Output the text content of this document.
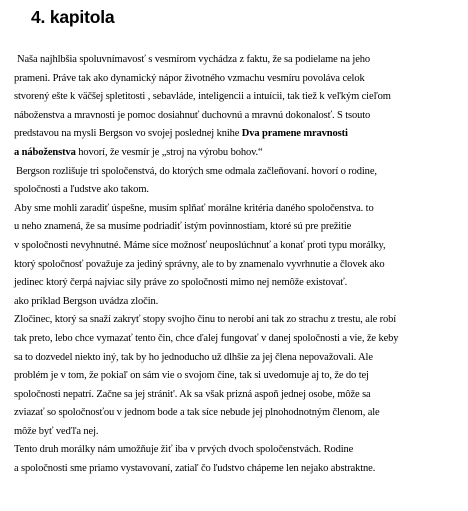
4. kapitola
Naša najhlbšia spoluvnímavosť s vesmírom vychádza z faktu, že sa podielame na jeho
prameni. Práve tak ako dynamický nápor životného vzmachu vesmíru povoláva celok
stvorený ešte k väčšej spletitosti , sebavláde, inteligencii a intuícii, tak tiež k veľkým cieľom
náboženstva a mravnosti je pomoc dosiahnuť duchovnú a mravnú dokonalosť. S tsouto
predstavou na mysli Bergson vo svojej poslednej knihe Dva pramene mravnosti
a náboženstva hovorí, že vesmír je „stroj na výrobu bohov.“
Bergson rozlišuje tri spoločenstvá, do ktorých sme odmala začleňovaní. hovorí o rodine,
spoločnosti a ľudstve ako takom.
Aby sme mohli zaradiť úspešne, musím splňať morálne kritéria daného spoločenstva. to
u neho znamená, že sa musíme podriadiť istým povinnostiam, ktoré sú pre prežitie
v spoločnosti nevyhnutné. Máme síce možnosť neuposlúchnuť a konať proti typu morálky,
ktorý spoločnosť považuje za jediný správny, ale to by znamenalo vyvrhnutie a človek ako
jedinec ktorý čerpá najviac sily práve zo spoločnosti mimo nej nemôže existovať.
ako príklad Bergson uvádza zločin.
Zločinec, ktorý sa snaží zakryť stopy svojho činu to nerobí ani tak zo strachu z trestu, ale robí
tak preto, lebo chce vymazať tento čin, chce ďalej fungovať v danej spoločnosti a vie, že keby
sa to dozvedel niekto iný, tak by ho jednoducho už dlhšie za jej člena nepovažovali. Ale
problém je v tom, že pokiaľ on sám vie o svojom čine, tak si uvedomuje aj to, že do tej
spoločnosti nepatrí. Začne sa jej stránit'. Ak sa však prizná aspoň jednej osobe, môže sa
zviazať so spoločnosťou v jednom bode a tak síce nebude jej plnohodnotným členom, ale
môže byť veďľa nej.
Tento druh morálky nám umožňuje žiť iba v prvých dvoch spoločenstvách. Rodine
a spoločnosti sme priamo vystavovaní, zatiaľ čo ľudstvo chápeme len nejako abstraktne.
